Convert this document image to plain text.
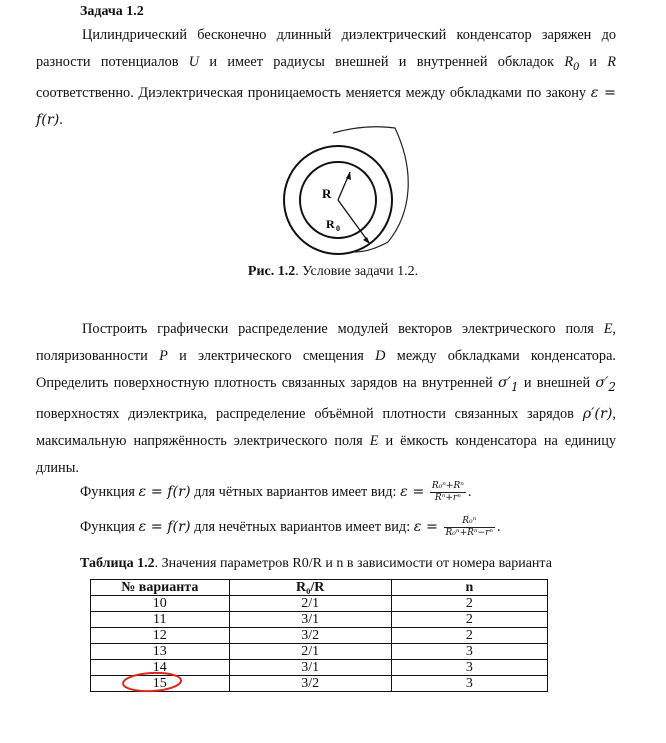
Задача 1.2
Цилиндрический бесконечно длинный диэлектрический конденсатор заряжен до разности потенциалов U и имеет радиусы внешней и внутренней обкладок $R_0$ и R соответственно. Диэлектрическая проницаемость меняется между обкладками по закону ε = f(r).
R
R 0
Рис. 1.2. Условие задачи 1.2.
Построить графически распределение модулей векторов электрического поля E, поляризованности P и электрического смещения D между обкладками конденсатора. Определить поверхностную плотность связанных зарядов на внутренней $\sigma'_1$ и внешней $\sigma'_2$ поверхностях диэлектрика, распределение объёмной плотности связанных зарядов ρ′(r), максимальную напряжённость электрического поля E и ёмкость конденсатора на единицу длины.
Функция ε = f(r) для чётных вариантов имеет вид: $\varepsilon = \frac{\text{R₀ⁿ+Rⁿ}}{\text{Rⁿ+rⁿ}}$ .
Функция ε = f(r) для нечётных вариантов имеет вид: $\varepsilon = \frac{\text{R₀ⁿ}}{\text{R₀ⁿ+Rⁿ−rⁿ}}$ .
Таблица 1.2. Значения параметров R0/R и n в зависимости от номера варианта
№ варианта	R₀/R	n
10	2/1	2
11	3/1	2
12	3/2	2
13	2/1	3
14	3/1	3
15	3/2	3
